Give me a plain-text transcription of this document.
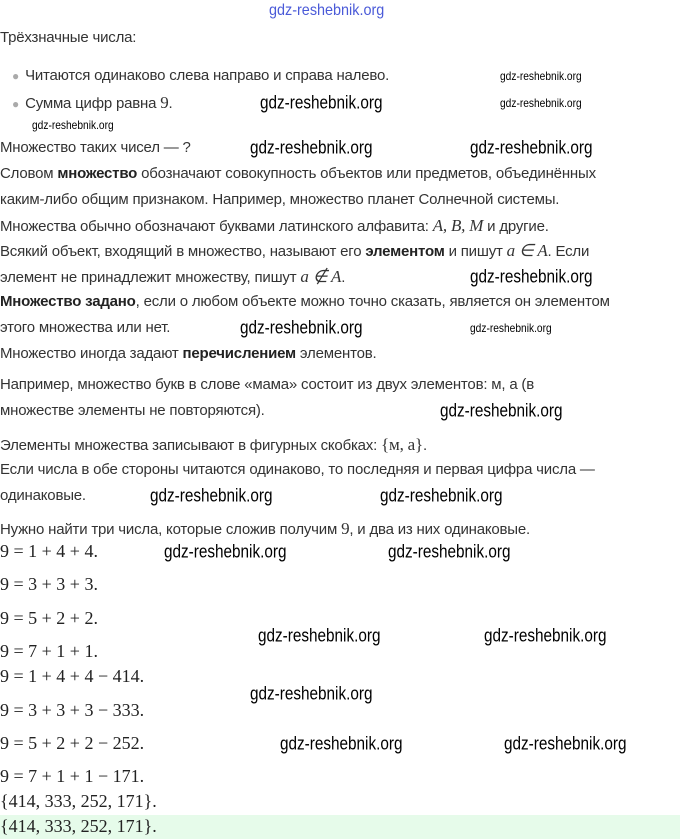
gdz-reshebnik.org
Трёхзначные числа:
● Читаются одинаково слева направо и справа налево.
● Сумма цифр равна 9.
Множество таких чисел — ?
Словом множество обозначают совокупность объектов или предметов, объединённых
каким-либо общим признаком. Например, множество планет Солнечной системы.
Множества обычно обозначают буквами латинского алфавита: A, B, M и другие.
Всякий объект, входящий в множество, называют его элементом и пишут a ∈ A. Если
элемент не принадлежит множеству, пишут a ∉ A.
Множество задано, если о любом объекте можно точно сказать, является он элементом
этого множества или нет.
Множество иногда задают перечислением элементов.
Например, множество букв в слове «мама» состоит из двух элементов: м, а (в
множестве элементы не повторяются).
Элементы множества записывают в фигурных скобках: {м, а}.
Если числа в обе стороны читаются одинаково, то последняя и первая цифра числа —
одинаковые.
Нужно найти три числа, которые сложив получим 9, и два из них одинаковые.
9 = 1 + 4 + 4.
9 = 3 + 3 + 3.
9 = 5 + 2 + 2.
9 = 7 + 1 + 1.
9 = 1 + 4 + 4 − 414.
9 = 3 + 3 + 3 − 333.
9 = 5 + 2 + 2 − 252.
9 = 7 + 1 + 1 − 171.
{414, 333, 252, 171}.
{414, 333, 252, 171}.
gdz-reshebnik.org
gdz-reshebnik.org
gdz-reshebnik.org
gdz-reshebnik.org
gdz-reshebnik.org	gdz-reshebnik.org
gdz-reshebnik.org
gdz-reshebnik.org
gdz-reshebnik.org
gdz-reshebnik.org
gdz-reshebnik.org	gdz-reshebnik.org
gdz-reshebnik.org	gdz-reshebnik.org
gdz-reshebnik.org	gdz-reshebnik.org
gdz-reshebnik.org
gdz-reshebnik.org	gdz-reshebnik.org
